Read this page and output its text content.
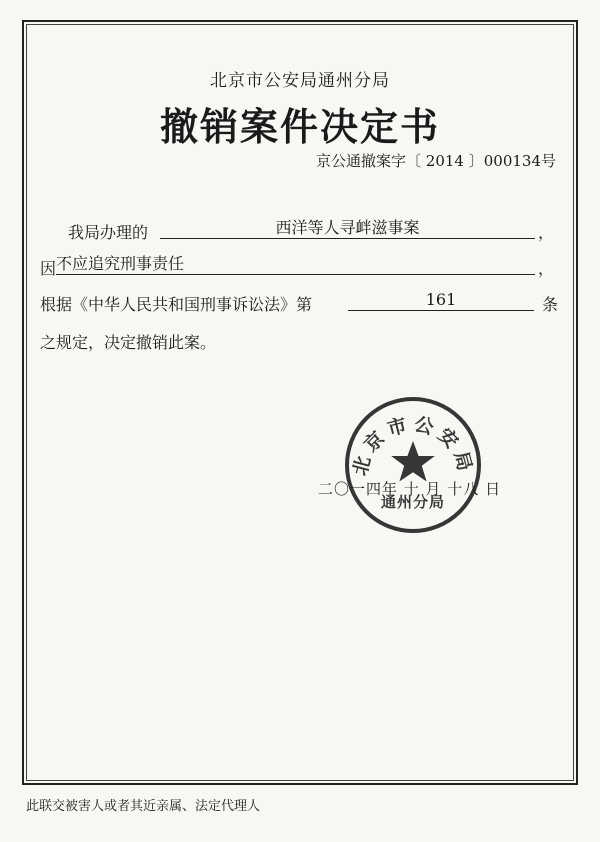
北京市公安局通州分局
撤销案件决定书
京公通撤案字〔 2014 〕000134号
我局办理的	西洋等人寻衅滋事案	，
因 不应追究刑事责任	，
根据《中华人民共和国刑事诉讼法》第	161	条
之规定，决定撤销此案。
二〇一四年 十 月 十八 日
北京市公安局
通州分局
此联交被害人或者其近亲属、法定代理人
